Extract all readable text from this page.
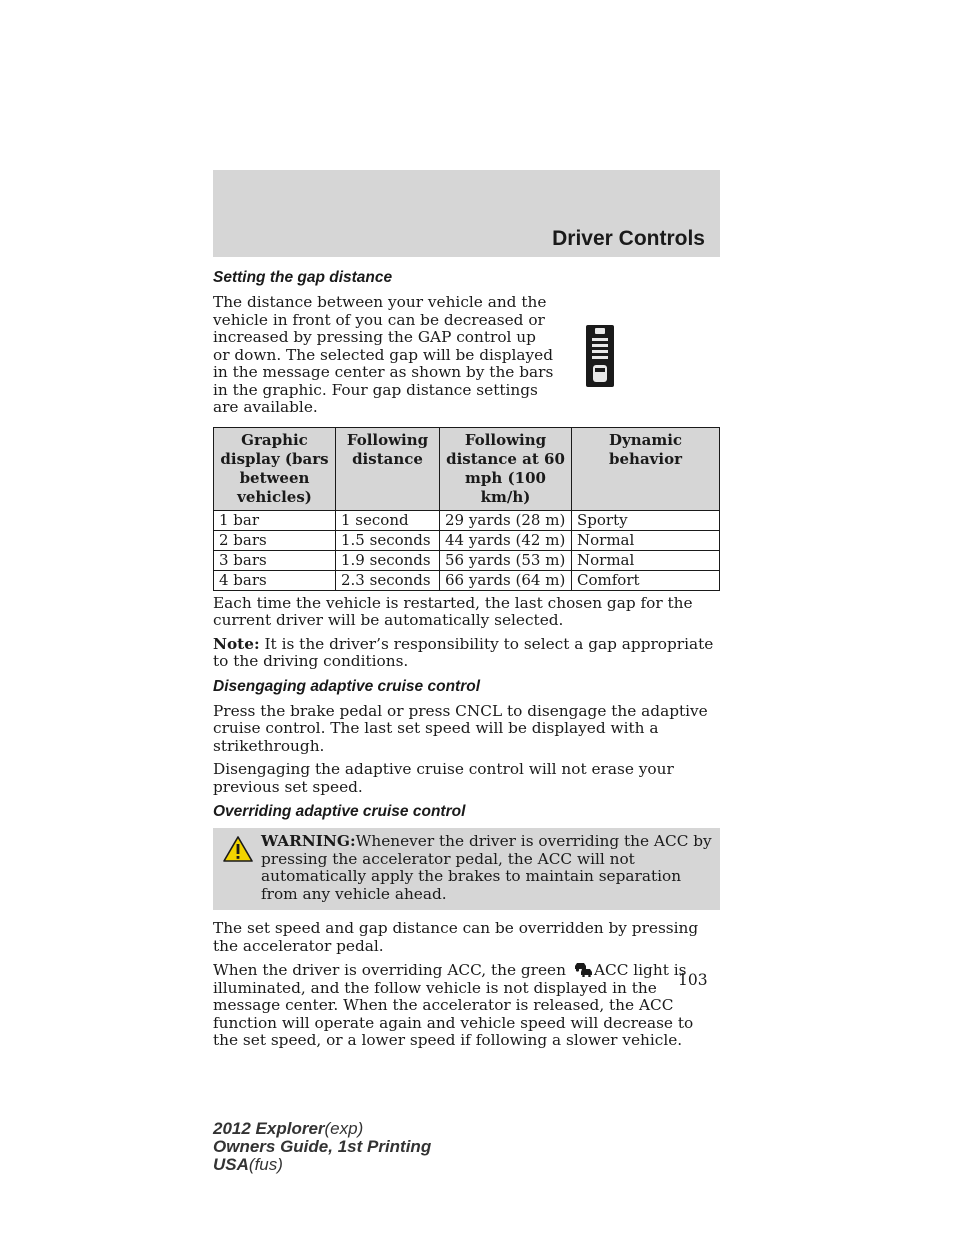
Driver Controls
Setting the gap distance

The distance between your vehicle and the vehicle in front of you can be decreased or increased by pressing the GAP control up or down. The selected gap will be displayed in the message center as shown by the bars in the graphic. Four gap distance settings are available.

Graphic display (bars between vehicles)	Following distance	Following distance at 60 mph (100 km/h)	Dynamic behavior
1 bar	1 second	29 yards (28 m)	Sporty
2 bars	1.5 seconds	44 yards (42 m)	Normal
3 bars	1.9 seconds	56 yards (53 m)	Normal
4 bars	2.3 seconds	66 yards (64 m)	Comfort

Each time the vehicle is restarted, the last chosen gap for the current driver will be automatically selected.

Note: It is the driver’s responsibility to select a gap appropriate to the driving conditions.

Disengaging adaptive cruise control

Press the brake pedal or press CNCL to disengage the adaptive cruise control. The last set speed will be displayed with a strikethrough.

Disengaging the adaptive cruise control will not erase your previous set speed.

Overriding adaptive cruise control

WARNING:Whenever the driver is overriding the ACC by pressing the accelerator pedal, the ACC will not automatically apply the brakes to maintain separation from any vehicle ahead.

The set speed and gap distance can be overridden by pressing the accelerator pedal.

When the driver is overriding ACC, the green ACC light is illuminated, and the follow vehicle is not displayed in the message center. When the accelerator is released, the ACC function will operate again and vehicle speed will decrease to the set speed, or a lower speed if following a slower vehicle.

103
2012 Explorer(exp)
Owners Guide, 1st Printing
USA(fus)
